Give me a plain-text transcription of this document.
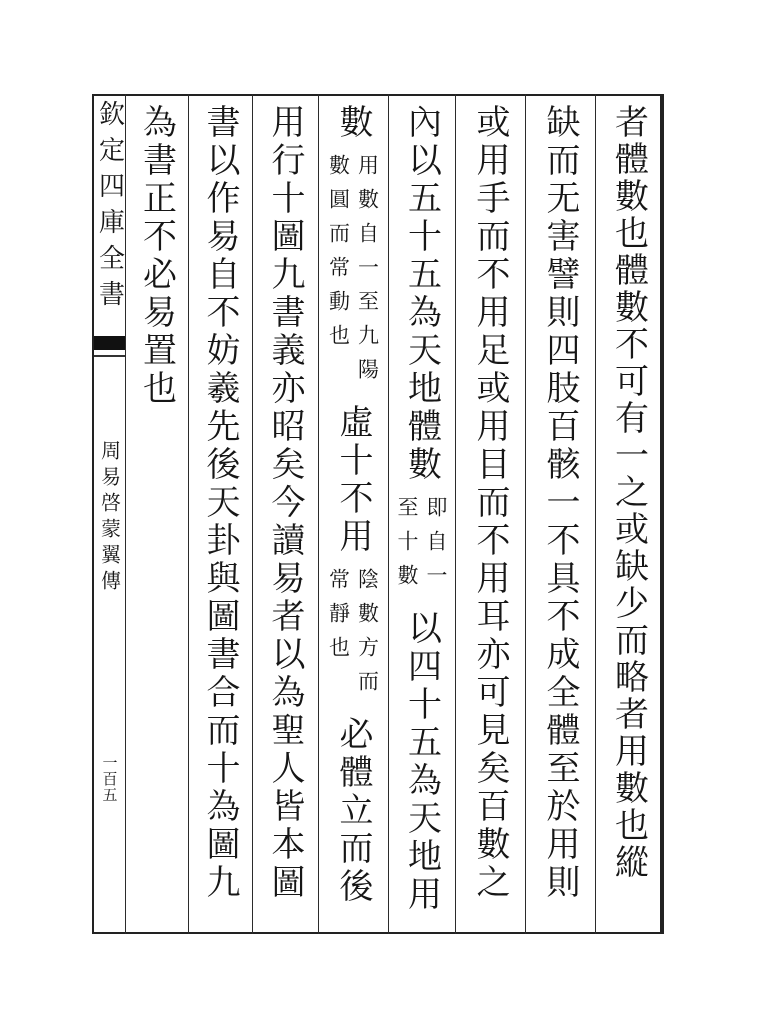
欽定四庫全書
周易啓蒙翼傳
一百五	者體數也體數不可有一之或缺少而略者用數也縱
缺而无害譬則四肢百骸一不具不成全體至於用則
或用手而不用足或用目而不用耳亦可見矣百數之
內以五十五為天地體數
即自一
至十數
以四十五為天地用
數
用數自一至九陽
數圓而常動也
虛十不用
陰數方而
常靜也
必體立而後
用行十圖九書義亦昭矣今讀易者以為聖人皆本圖
書以作易自不妨羲先後天卦與圖書合而十為圖九
為書正不必易置也
